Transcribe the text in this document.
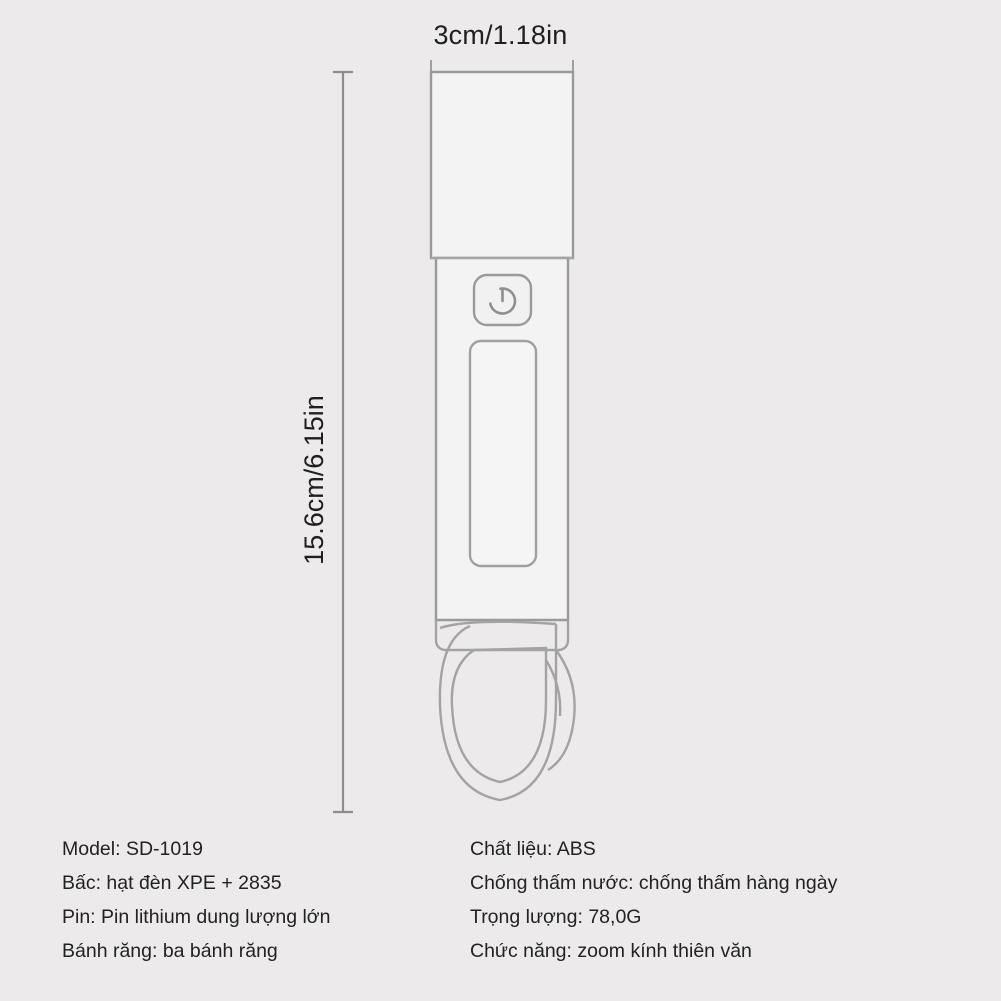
3cm/1.18in
15.6cm/6.15in
Model: SD-1019
Bấc: hạt đèn XPE + 2835
Pin: Pin lithium dung lượng lớn
Bánh răng: ba bánh răng
Chất liệu: ABS
Chống thấm nước: chống thấm hàng ngày
Trọng lượng: 78,0G
Chức năng: zoom kính thiên văn
